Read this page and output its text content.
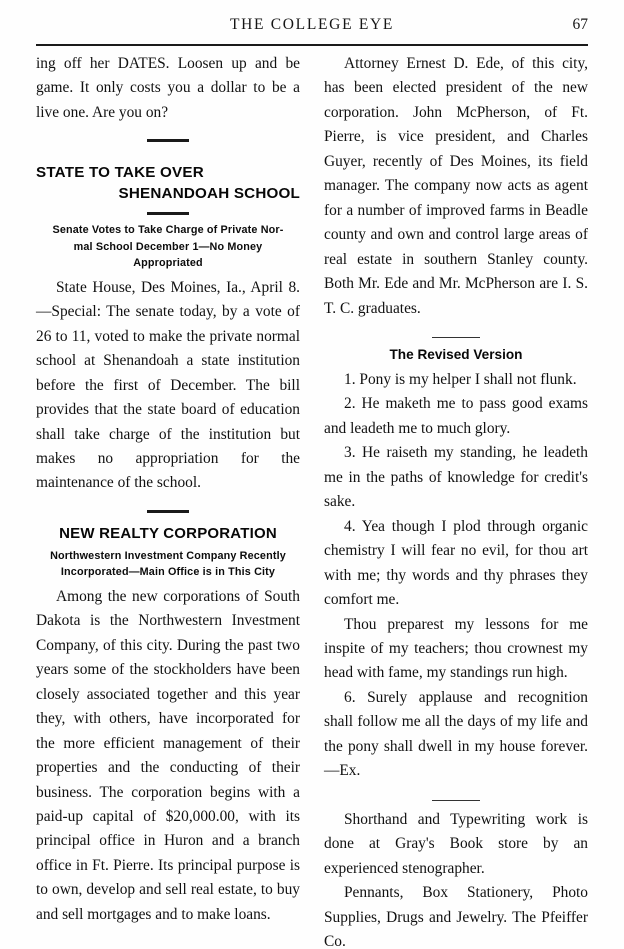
THE COLLEGE EYE	67

ing off her DATES. Loosen up and be game. It only costs you a dollar to be a live one. Are you on?

STATE TO TAKE OVER
SHENANDOAH SCHOOL
Senate Votes to Take Charge of Private Nor-
mal School December 1—No Money
Appropriated

State House, Des Moines, Ia., April 8.—Special: The senate today, by a vote of 26 to 11, voted to make the private normal school at Shenandoah a state institution before the first of December. The bill provides that the state board of education shall take charge of the institution but makes no appropriation for the maintenance of the school.

NEW REALTY CORPORATION
Northwestern Investment Company Recently
Incorporated—Main Office is in This City

Among the new corporations of South Dakota is the Northwestern Investment Company, of this city. During the past two years some of the stockholders have been closely associated together and this year they, with others, have incorporated for the more efficient management of their properties and the conducting of their business. The corporation begins with a paid-up capital of $20,000.00, with its principal office in Huron and a branch office in Ft. Pierre. Its principal purpose is to own, develop and sell real estate, to buy and sell mortgages and to make loans.

Attorney Ernest D. Ede, of this city, has been elected president of the new corporation. John McPherson, of Ft. Pierre, is vice president, and Charles Guyer, recently of Des Moines, its field manager. The company now acts as agent for a number of improved farms in Beadle county and own and control large areas of real estate in southern Stanley county. Both Mr. Ede and Mr. McPherson are I. S. T. C. graduates.

The Revised Version

1. Pony is my helper I shall not flunk.

2. He maketh me to pass good exams and leadeth me to much glory.

3. He raiseth my standing, he leadeth me in the paths of knowledge for credit's sake.

4. Yea though I plod through organic chemistry I will fear no evil, for thou art with me; thy words and thy phrases they comfort me.

Thou preparest my lessons for me inspite of my teachers; thou crownest my head with fame, my standings run high.

6. Surely applause and recognition shall follow me all the days of my life and the pony shall dwell in my house forever.—Ex.

Shorthand and Typewriting work is done at Gray's Book store by an experienced stenographer.

Pennants, Box Stationery, Photo Supplies, Drugs and Jewelry. The Pfeiffer Co.
